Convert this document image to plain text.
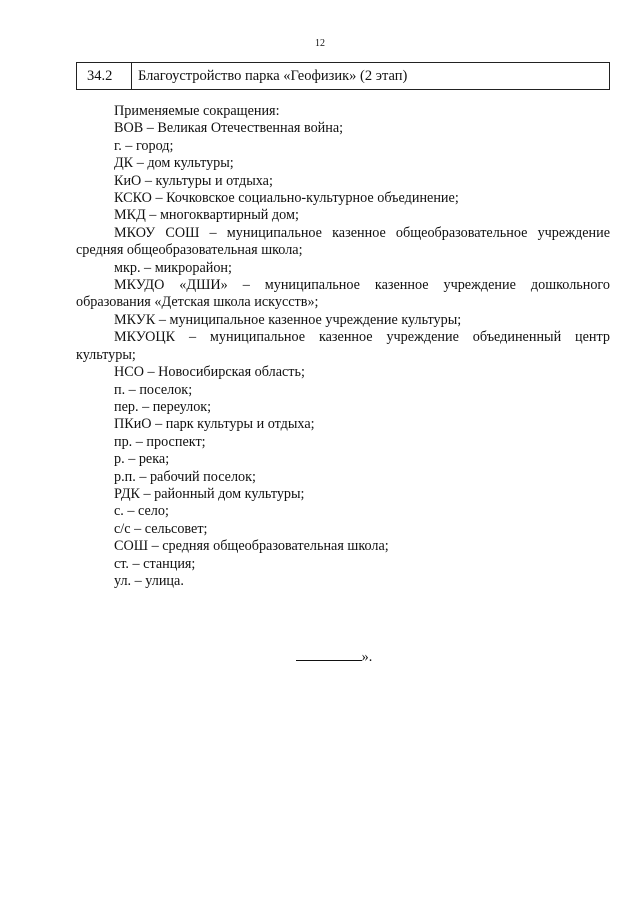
12
34.2	Благоустройство парка «Геофизик» (2 этап)
Применяемые сокращения:
ВОВ – Великая Отечественная война;
г. – город;
ДК – дом культуры;
КиО – культуры и отдыха;
КСКО – Кочковское социально-культурное объединение;
МКД – многоквартирный дом;
МКОУ СОШ – муниципальное казенное общеобразовательное учреждение
средняя общеобразовательная школа;
мкр. – микрорайон;
МКУДО «ДШИ» – муниципальное казенное учреждение дошкольного
образования «Детская школа искусств»;
МКУК – муниципальное казенное учреждение культуры;
МКУОЦК – муниципальное казенное учреждение объединенный центр
культуры;
НСО – Новосибирская область;
п. – поселок;
пер. – переулок;
ПКиО – парк культуры и отдыха;
пр. – проспект;
р. – река;
р.п. – рабочий поселок;
РДК – районный дом культуры;
с. – село;
с/с – сельсовет;
СОШ – средняя общеобразовательная школа;
ст. – станция;
ул. – улица.
».
